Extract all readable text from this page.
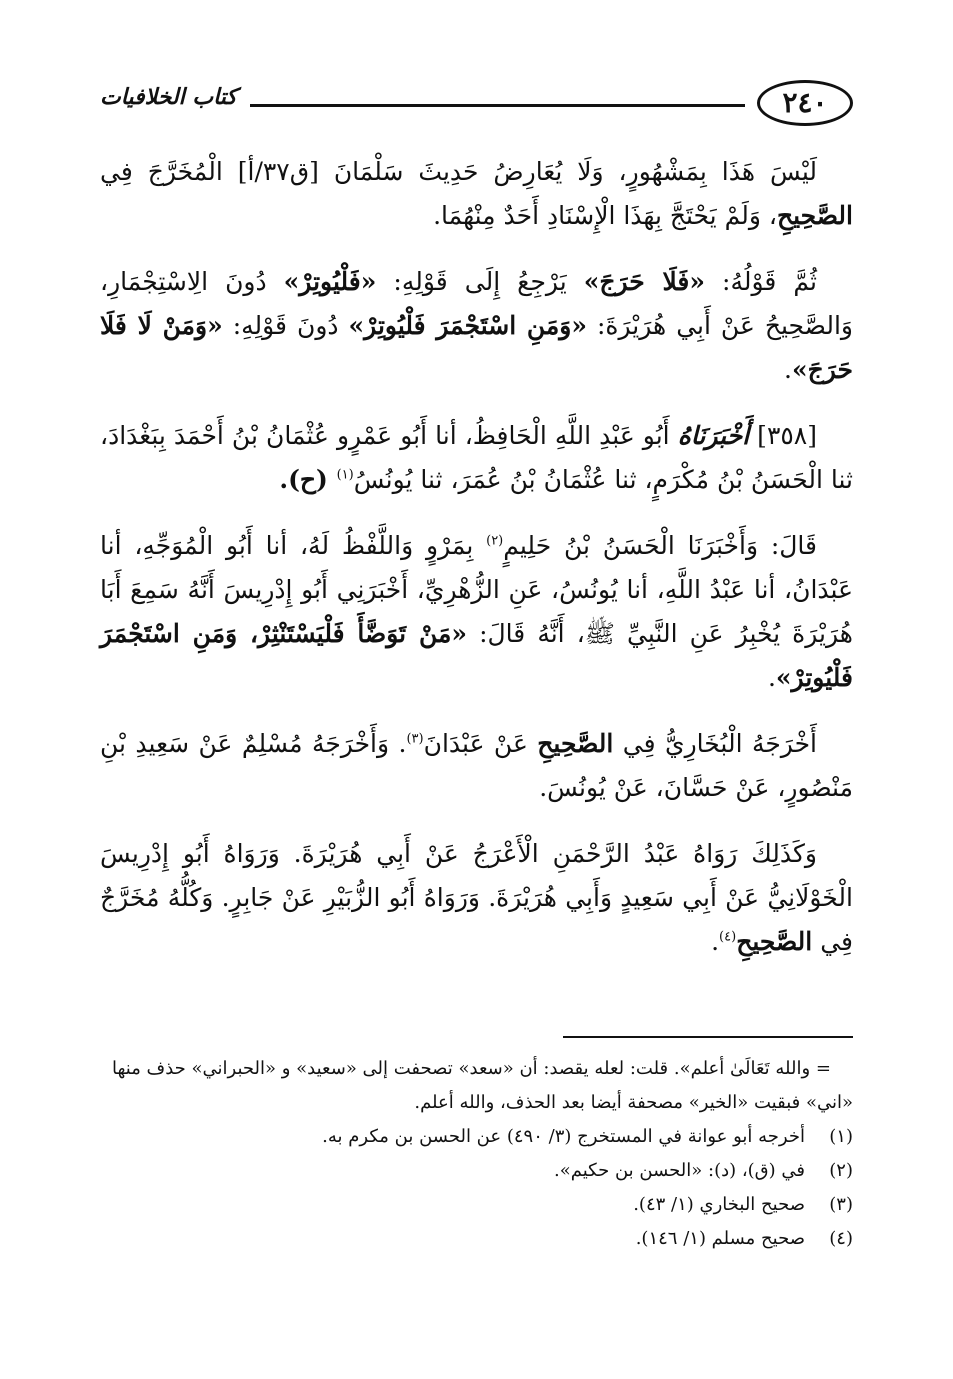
٢٤٠
كتاب الخلافيات

لَيْسَ هَذَا بِمَشْهُورٍ، وَلَا يُعَارِضُ حَدِيثَ سَلْمَانَ [ق٣٧/أ] الْمُخَرَّجَ فِي الصَّحِيحِ، وَلَمْ يَحْتَجَّ بِهَذَا الْإِسْنَادِ أَحَدٌ مِنْهُمَا.

ثُمَّ قَوْلُهُ: «فَلَا حَرَجَ» يَرْجِعُ إِلَى قَوْلِهِ: «فَلْيُوتِرْ» دُونَ الِاسْتِجْمَارِ، وَالصَّحِيحُ عَنْ أَبِي هُرَيْرَةَ: «وَمَنِ اسْتَجْمَرَ فَلْيُوتِرْ» دُونَ قَوْلِهِ: «وَمَنْ لَا فَلَا حَرَجَ».

[٣٥٨] أَخْبَرَنَاهُ أَبُو عَبْدِ اللَّهِ الْحَافِظُ، أنا أَبُو عَمْرٍو عُثْمَانُ بْنُ أَحْمَدَ بِبَغْدَادَ، ثنا الْحَسَنُ بْنُ مُكْرَمٍ، ثنا عُثْمَانُ بْنُ عُمَرَ، ثنا يُونُسُ$^{(١)}$ (ح).

قَالَ: وَأَخْبَرَنَا الْحَسَنُ بْنُ حَلِيمٍ$^{(٢)}$ بِمَرْوٍ وَاللَّفْظُ لَهُ، أنا أَبُو الْمُوَجِّهِ، أنا عَبْدَانُ، أنا عَبْدُ اللَّهِ، أنا يُونُسُ، عَنِ الزُّهْرِيِّ، أَخْبَرَنِي أَبُو إِدْرِيسَ أَنَّهُ سَمِعَ أَبَا هُرَيْرَةَ يُخْبِرُ عَنِ النَّبِيِّ ﷺ، أَنَّهُ قَالَ: «مَنْ تَوَضَّأَ فَلْيَسْتَنْثِرْ، وَمَنِ اسْتَجْمَرَ فَلْيُوتِرْ».

أَخْرَجَهُ الْبُخَارِيُّ فِي الصَّحِيحِ عَنْ عَبْدَانَ$^{(٣)}$. وَأَخْرَجَهُ مُسْلِمٌ عَنْ سَعِيدِ بْنِ مَنْصُورٍ، عَنْ حَسَّانَ، عَنْ يُونُسَ.

وَكَذَلِكَ رَوَاهُ عَبْدُ الرَّحْمَنِ الْأَعْرَجُ عَنْ أَبِي هُرَيْرَةَ. وَرَوَاهُ أَبُو إِدْرِيسَ الْخَوْلَانِيُّ عَنْ أَبِي سَعِيدٍ وَأَبِي هُرَيْرَةَ. وَرَوَاهُ أَبُو الزُّبَيْرِ عَنْ جَابِرٍ. وَكُلُّهُ مُخَرَّجٌ فِي الصَّحِيحِ$^{(٤)}$.

= والله تَعَالَىٰ أعلم». قلت: لعله يقصد: أن «سعد» تصحفت إلى «سعيد» و «الحبراني» حذف منها «اني» فبقيت «الخير» مصحفة أيضا بعد الحذف، والله أعلم.

(١)
أخرجه أبو عوانة في المستخرج (٣/ ٤٩٠) عن الحسن بن مكرم به.

(٢)
في (ق)، (د): «الحسن بن حكيم».

(٣)
صحيح البخاري (١/ ٤٣).

(٤)
صحيح مسلم (١/ ١٤٦).
